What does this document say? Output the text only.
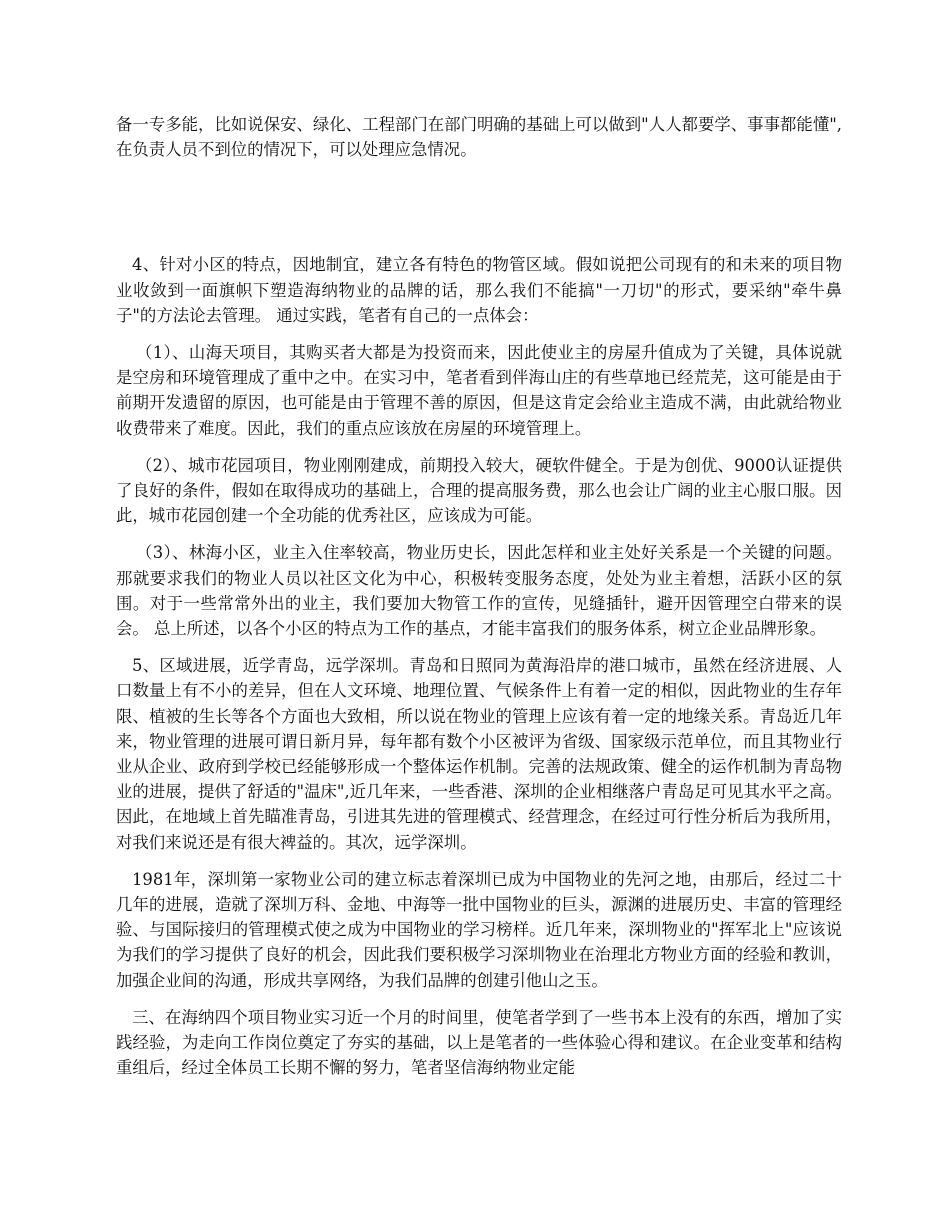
备一专多能，比如说保安、绿化、工程部门在部门明确的基础上可以做到"人人都要学、事事都能懂",在负责人员不到位的情况下，可以处理应急情况。

4、针对小区的特点，因地制宜，建立各有特色的物管区域。假如说把公司现有的和未来的项目物业收敛到一面旗帜下塑造海纳物业的品牌的话，那么我们不能搞"一刀切"的形式，要采纳"牵牛鼻子"的方法论去管理。 通过实践，笔者有自己的一点体会：

（1）、山海天项目，其购买者大都是为投资而来，因此使业主的房屋升值成为了关键，具体说就是空房和环境管理成了重中之中。在实习中，笔者看到伴海山庄的有些草地已经荒芜，这可能是由于前期开发遗留的原因，也可能是由于管理不善的原因，但是这肯定会给业主造成不满，由此就给物业收费带来了难度。因此，我们的重点应该放在房屋的环境管理上。

（2）、城市花园项目，物业刚刚建成，前期投入较大，硬软件健全。于是为创优、9000认证提供了良好的条件，假如在取得成功的基础上，合理的提高服务费，那么也会让广阔的业主心服口服。因此，城市花园创建一个全功能的优秀社区，应该成为可能。

（3）、林海小区，业主入住率较高，物业历史长，因此怎样和业主处好关系是一个关键的问题。那就要求我们的物业人员以社区文化为中心，积极转变服务态度，处处为业主着想，活跃小区的氛围。对于一些常常外出的业主，我们要加大物管工作的宣传，见缝插针，避开因管理空白带来的误会。 总上所述，以各个小区的特点为工作的基点，才能丰富我们的服务体系，树立企业品牌形象。

5、区域进展，近学青岛，远学深圳。青岛和日照同为黄海沿岸的港口城市，虽然在经济进展、人口数量上有不小的差异，但在人文环境、地理位置、气候条件上有着一定的相似，因此物业的生存年限、植被的生长等各个方面也大致相，所以说在物业的管理上应该有着一定的地缘关系。青岛近几年来，物业管理的进展可谓日新月异，每年都有数个小区被评为省级、国家级示范单位，而且其物业行业从企业、政府到学校已经能够形成一个整体运作机制。完善的法规政策、健全的运作机制为青岛物业的进展，提供了舒适的"温床",近几年来，一些香港、深圳的企业相继落户青岛足可见其水平之高。因此，在地域上首先瞄准青岛，引进其先进的管理模式、经营理念，在经过可行性分析后为我所用，对我们来说还是有很大裨益的。其次，远学深圳。

1981年，深圳第一家物业公司的建立标志着深圳已成为中国物业的先河之地，由那后，经过二十几年的进展，造就了深圳万科、金地、中海等一批中国物业的巨头，源渊的进展历史、丰富的管理经验、与国际接归的管理模式使之成为中国物业的学习榜样。近几年来，深圳物业的"挥军北上"应该说为我们的学习提供了良好的机会，因此我们要积极学习深圳物业在治理北方物业方面的经验和教训，加强企业间的沟通，形成共享网络，为我们品牌的创建引他山之玉。

三、在海纳四个项目物业实习近一个月的时间里，使笔者学到了一些书本上没有的东西，增加了实践经验，为走向工作岗位奠定了夯实的基础，以上是笔者的一些体验心得和建议。在企业变革和结构重组后，经过全体员工长期不懈的努力，笔者坚信海纳物业定能
